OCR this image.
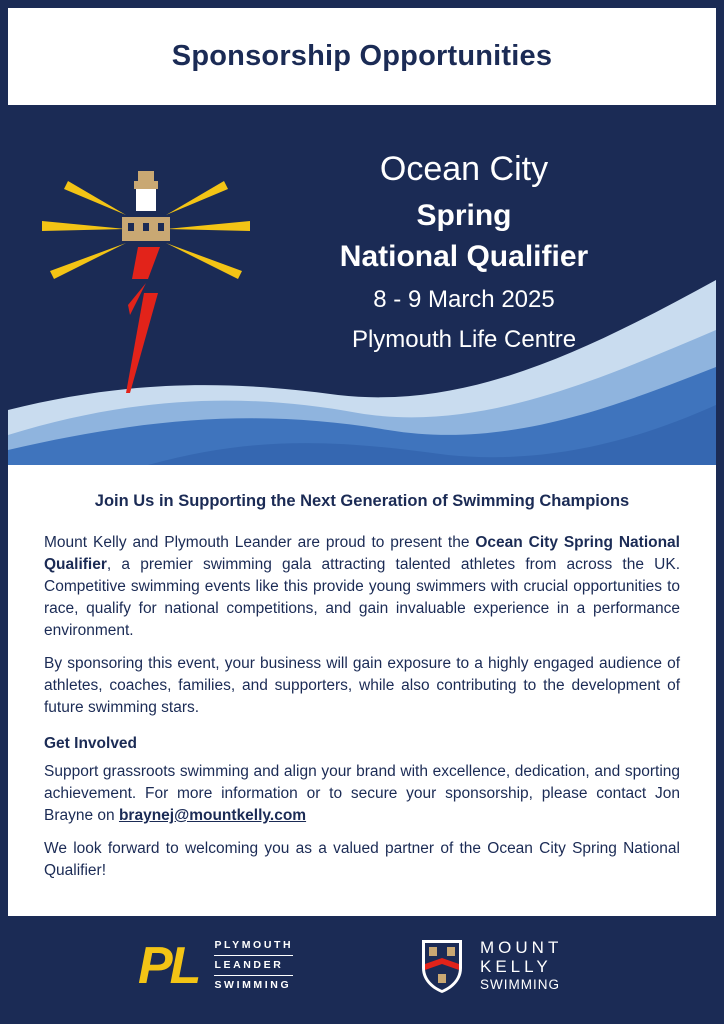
Sponsorship Opportunities
Ocean City
Spring
National Qualifier
8 - 9 March 2025
Plymouth Life Centre
Join Us in Supporting the Next Generation of Swimming Champions

Mount Kelly and Plymouth Leander are proud to present the Ocean City Spring National Qualifier, a premier swimming gala attracting talented athletes from across the UK. Competitive swimming events like this provide young swimmers with crucial opportunities to race, qualify for national competitions, and gain invaluable experience in a performance environment.

By sponsoring this event, your business will gain exposure to a highly engaged audience of athletes, coaches, families, and supporters, while also contributing to the development of future swimming stars.

Get Involved

Support grassroots swimming and align your brand with excellence, dedication, and sporting achievement. For more information or to secure your sponsorship, please contact Jon Brayne on braynej@mountkelly.com

We look forward to welcoming you as a valued partner of the Ocean City Spring National Qualifier!

PL PLYMOUTH
LEANDER
SWIMMING
MOUNT
KELLY
SWIMMING
